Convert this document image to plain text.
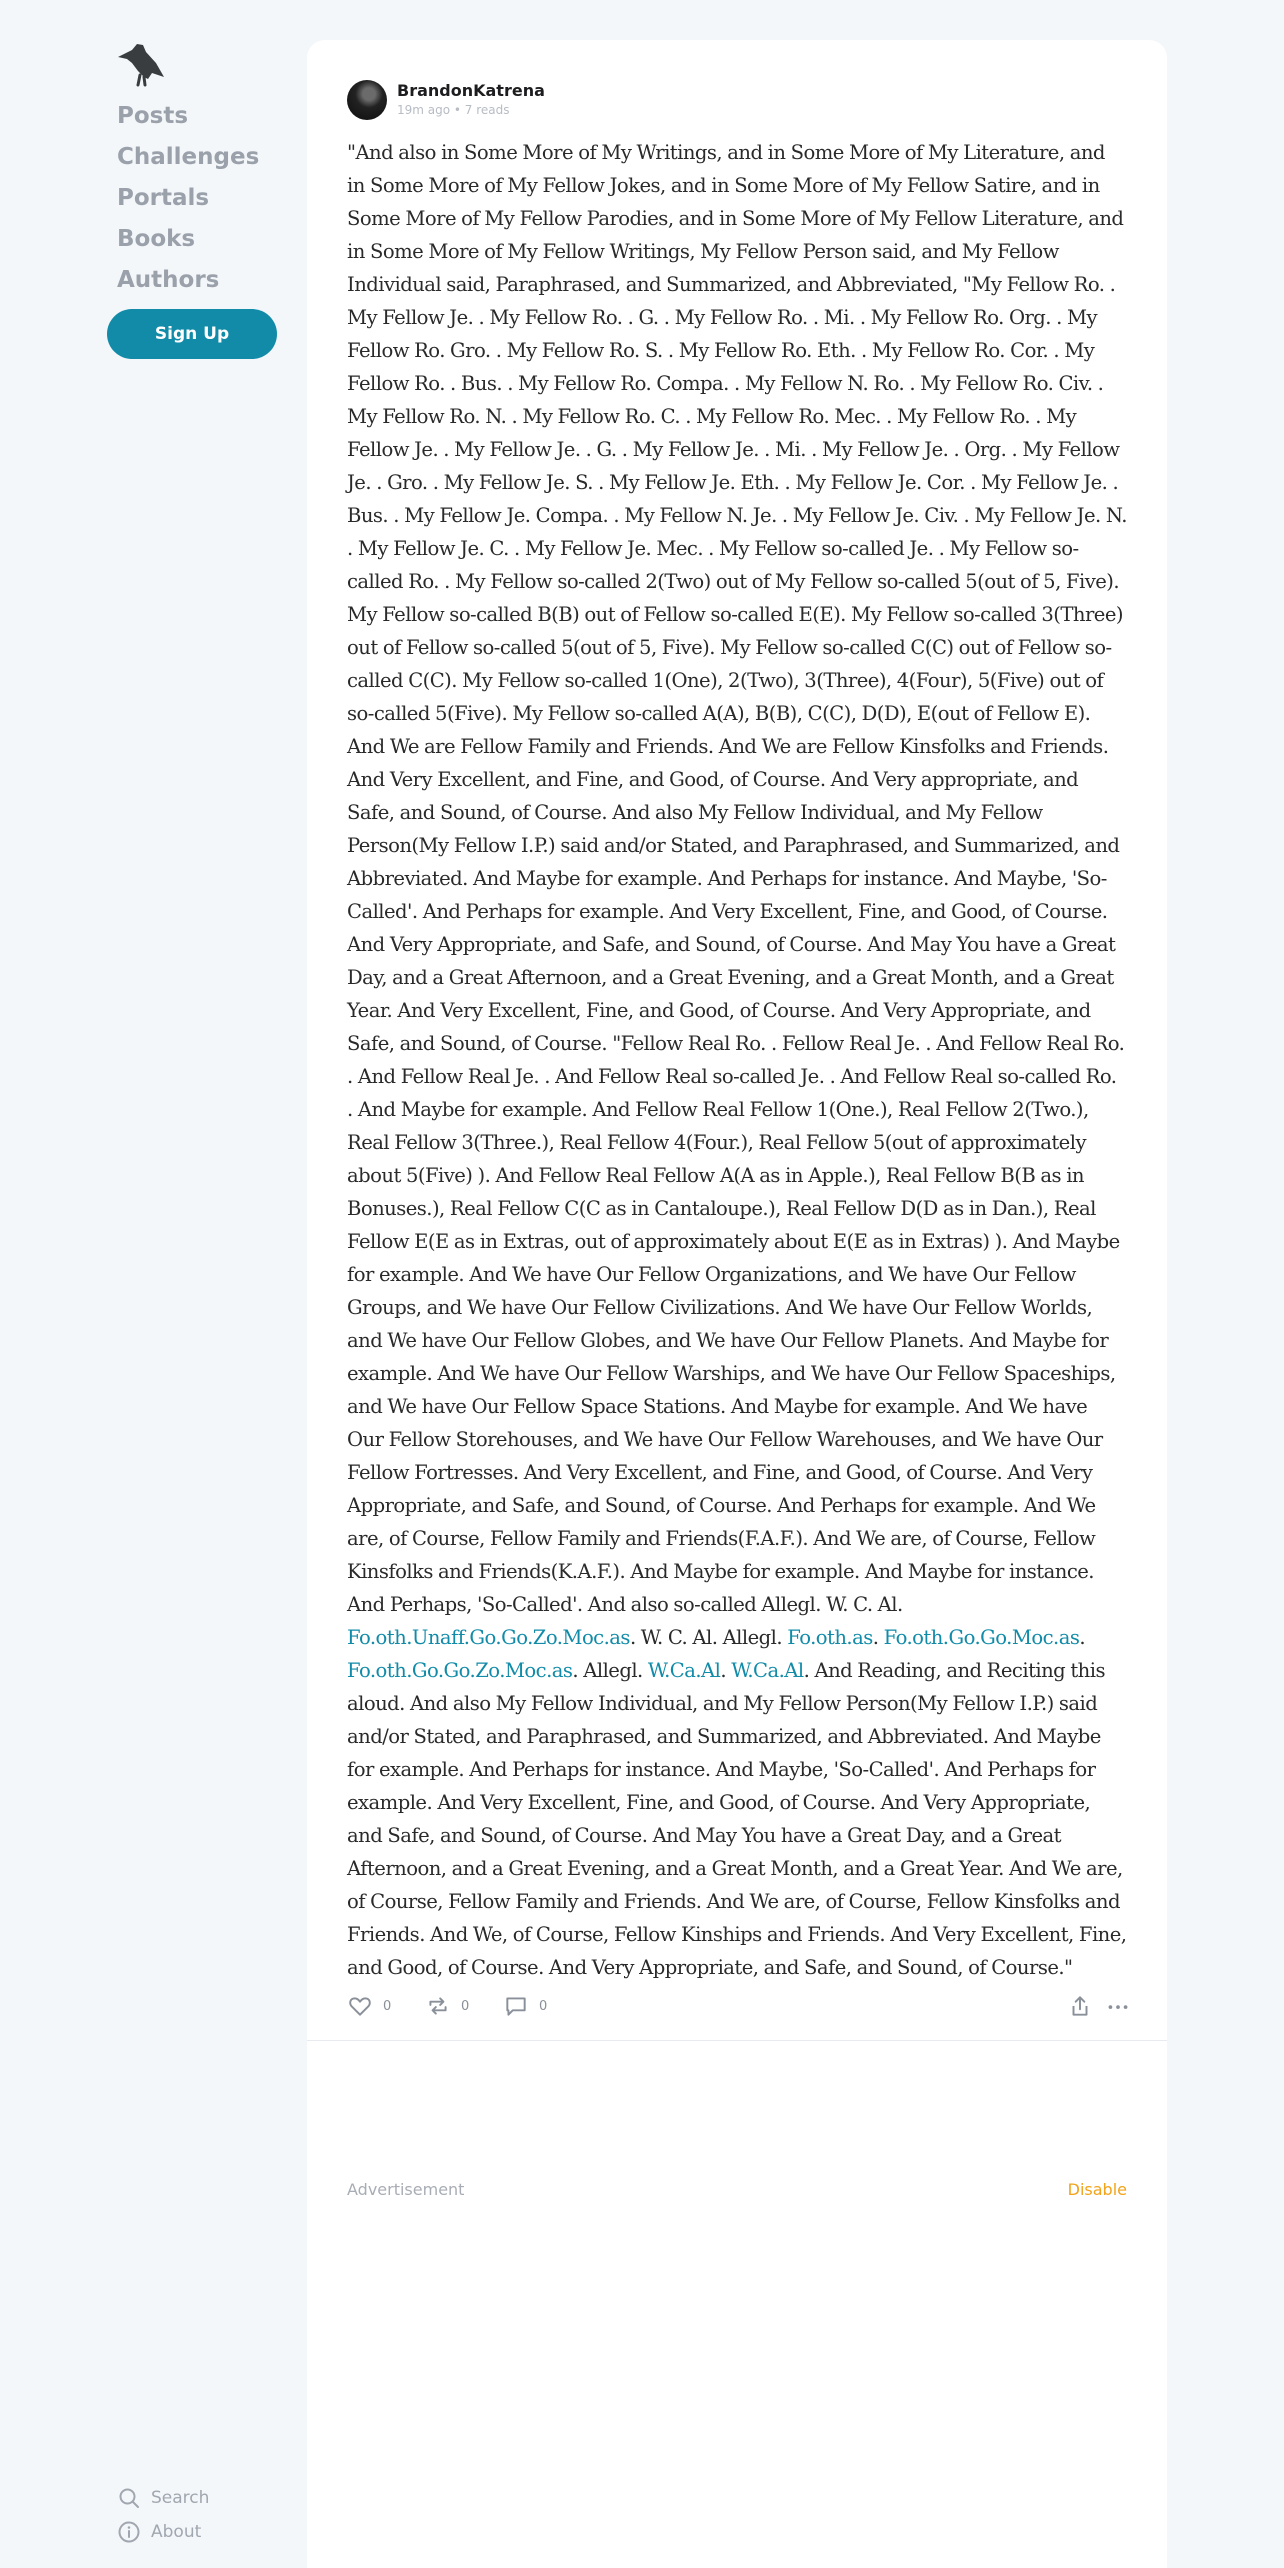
Posts
Challenges
Portals
Books
Authors
Sign Up
Search
About
BrandonKatrena
19m ago • 7 reads

"And also in Some More of My Writings, and in Some More of My Literature, and in Some More of My Fellow Jokes, and in Some More of My Fellow Satire, and in Some More of My Fellow Parodies, and in Some More of My Fellow Literature, and in Some More of My Fellow Writings, My Fellow Person said, and My Fellow Individual said, Paraphrased, and Summarized, and Abbreviated, "My Fellow Ro. . My Fellow Je. . My Fellow Ro. . G. . My Fellow Ro. . Mi. . My Fellow Ro. Org. . My Fellow Ro. Gro. . My Fellow Ro. S. . My Fellow Ro. Eth. . My Fellow Ro. Cor. . My Fellow Ro. . Bus. . My Fellow Ro. Compa. . My Fellow N. Ro. . My Fellow Ro. Civ. . My Fellow Ro. N. . My Fellow Ro. C. . My Fellow Ro. Mec. . My Fellow Ro. . My Fellow Je. . My Fellow Je. . G. . My Fellow Je. . Mi. . My Fellow Je. . Org. . My Fellow Je. . Gro. . My Fellow Je. S. . My Fellow Je. Eth. . My Fellow Je. Cor. . My Fellow Je. . Bus. . My Fellow Je. Compa. . My Fellow N. Je. . My Fellow Je. Civ. . My Fellow Je. N. . My Fellow Je. C. . My Fellow Je. Mec. . My Fellow so-called Je. . My Fellow so-called Ro. . My Fellow so-called 2(Two) out of My Fellow so-called 5(out of 5, Five). My Fellow so-called B(B) out of Fellow so-called E(E). My Fellow so-called 3(Three) out of Fellow so-called 5(out of 5, Five). My Fellow so-called C(C) out of Fellow so-called C(C). My Fellow so-called 1(One), 2(Two), 3(Three), 4(Four), 5(Five) out of so-called 5(Five). My Fellow so-called A(A), B(B), C(C), D(D), E(out of Fellow E). And We are Fellow Family and Friends. And We are Fellow Kinsfolks and Friends. And Very Excellent, and Fine, and Good, of Course. And Very appropriate, and Safe, and Sound, of Course. And also My Fellow Individual, and My Fellow Person(My Fellow I.P.) said and/or Stated, and Paraphrased, and Summarized, and Abbreviated. And Maybe for example. And Perhaps for instance. And Maybe, 'So-Called'. And Perhaps for example. And Very Excellent, Fine, and Good, of Course. And Very Appropriate, and Safe, and Sound, of Course. And May You have a Great Day, and a Great Afternoon, and a Great Evening, and a Great Month, and a Great Year. And Very Excellent, Fine, and Good, of Course. And Very Appropriate, and Safe, and Sound, of Course. "Fellow Real Ro. . Fellow Real Je. . And Fellow Real Ro. . And Fellow Real Je. . And Fellow Real so-called Je. . And Fellow Real so-called Ro. . And Maybe for example. And Fellow Real Fellow 1(One.), Real Fellow 2(Two.), Real Fellow 3(Three.), Real Fellow 4(Four.), Real Fellow 5(out of approximately about 5(Five) ). And Fellow Real Fellow A(A as in Apple.), Real Fellow B(B as in Bonuses.), Real Fellow C(C as in Cantaloupe.), Real Fellow D(D as in Dan.), Real Fellow E(E as in Extras, out of approximately about E(E as in Extras) ). And Maybe for example. And We have Our Fellow Organizations, and We have Our Fellow Groups, and We have Our Fellow Civilizations. And We have Our Fellow Worlds, and We have Our Fellow Globes, and We have Our Fellow Planets. And Maybe for example. And We have Our Fellow Warships, and We have Our Fellow Spaceships, and We have Our Fellow Space Stations. And Maybe for example. And We have Our Fellow Storehouses, and We have Our Fellow Warehouses, and We have Our Fellow Fortresses. And Very Excellent, and Fine, and Good, of Course. And Very Appropriate, and Safe, and Sound, of Course. And Perhaps for example. And We are, of Course, Fellow Family and Friends(F.A.F.). And We are, of Course, Fellow Kinsfolks and Friends(K.A.F.). And Maybe for example. And Maybe for instance. And Perhaps, 'So-Called'. And also so-called Allegl. W. C. Al. Fo.oth.Unaff.Go.Go.Zo.Moc.as. W. C. Al. Allegl. Fo.oth.as. Fo.oth.Go.Go.Moc.as. Fo.oth.Go.Go.Zo.Moc.as. Allegl. W.Ca.Al. W.Ca.Al. And Reading, and Reciting this aloud. And also My Fellow Individual, and My Fellow Person(My Fellow I.P.) said and/or Stated, and Paraphrased, and Summarized, and Abbreviated. And Maybe for example. And Perhaps for instance. And Maybe, 'So-Called'. And Perhaps for example. And Very Excellent, Fine, and Good, of Course. And Very Appropriate, and Safe, and Sound, of Course. And May You have a Great Day, and a Great Afternoon, and a Great Evening, and a Great Month, and a Great Year. And We are, of Course, Fellow Family and Friends. And We are, of Course, Fellow Kinsfolks and Friends. And We, of Course, Fellow Kinships and Friends. And Very Excellent, Fine, and Good, of Course. And Very Appropriate, and Safe, and Sound, of Course."

0	0	0
Advertisement	Disable
